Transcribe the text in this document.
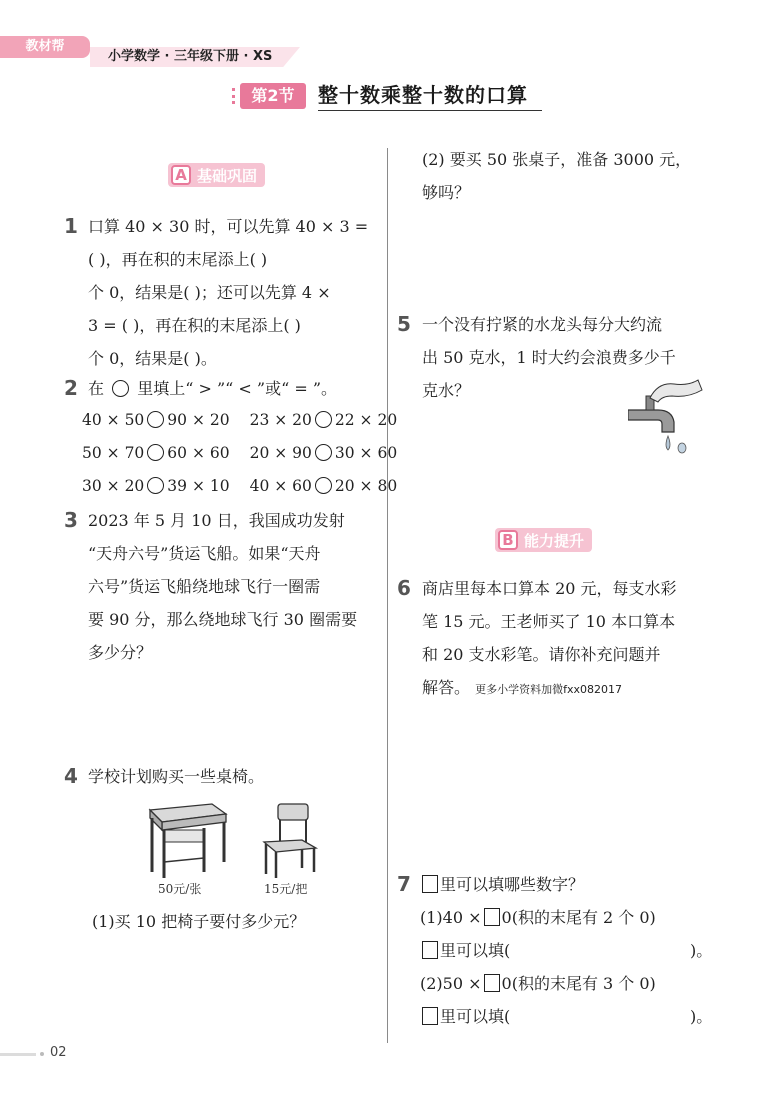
教材帮
小学数学 · 三年级下册 · XS
第2节	整十数乘整十数的口算
A 基础巩固
1 口算 40 × 30 时，可以先算 40 × 3 =
( )，再在积的末尾添上( )
个 0，结果是( )；还可以先算 4 ×
3 = ( )，再在积的末尾添上( )
个 0，结果是( )。
2 在 里填上“ > ”“ < ”或“ = ”。
40 × 50 90 × 20 23 × 20 22 × 20
50 × 70 60 × 60 20 × 90 30 × 60
30 × 20 39 × 10 40 × 60 20 × 80
3 2023 年 5 月 10 日，我国成功发射
“天舟六号”货运飞船。如果“天舟
六号”货运飞船绕地球飞行一圈需
要 90 分，那么绕地球飞行 30 圈需要
多少分？
4 学校计划购买一些桌椅。
50元/张	15元/把
(1)买 10 把椅子要付多少元？
(2) 要买 50 张桌子，准备 3000 元，
够吗？
5 一个没有拧紧的水龙头每分大约流
出 50 克水，1 时大约会浪费多少千
克水？
B 能力提升
6 商店里每本口算本 20 元，每支水彩
笔 15 元。王老师买了 10 本口算本
和 20 支水彩笔。请你补充问题并
解答。 更多小学资料加微fxx082017
7	里可以填哪些数字？
(1)40 × 0(积的末尾有 2 个 0)
里可以填(	)。
(2)50 × 0(积的末尾有 3 个 0)
里可以填(	)。
02
